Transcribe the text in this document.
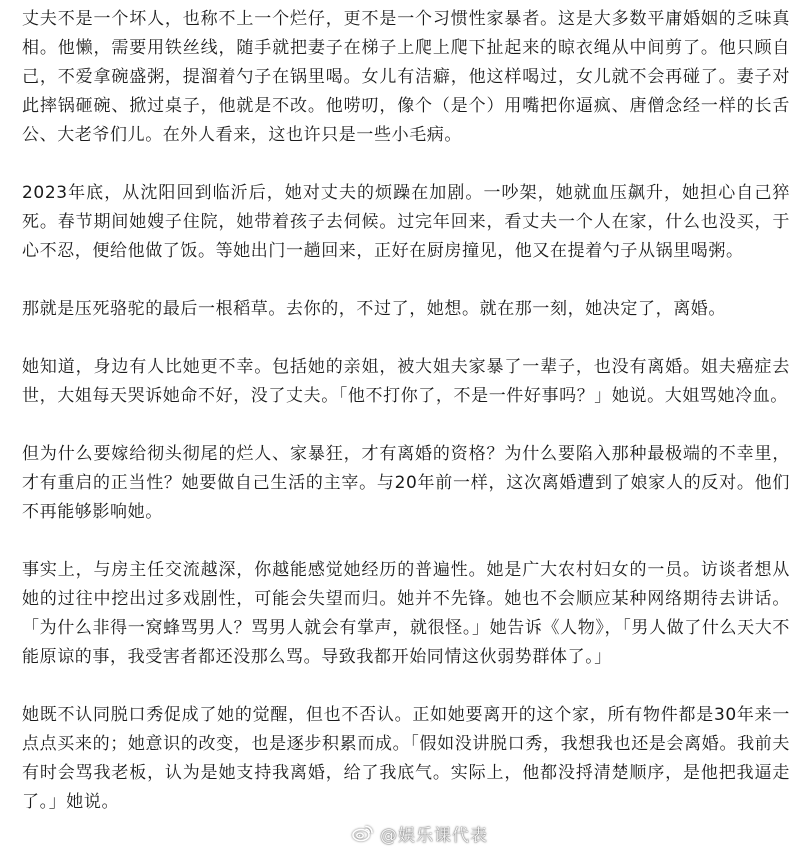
丈夫不是一个坏人，也称不上一个烂仔，更不是一个习惯性家暴者。这是大多数平庸婚姻的乏味真相。他懒，需要用铁丝线，随手就把妻子在梯子上爬上爬下扯起来的晾衣绳从中间剪了。他只顾自己，不爱拿碗盛粥，提溜着勺子在锅里喝。女儿有洁癖，他这样喝过，女儿就不会再碰了。妻子对此摔锅砸碗、掀过桌子，他就是不改。他唠叨，像个（是个）用嘴把你逼疯、唐僧念经一样的长舌公、大老爷们儿。在外人看来，这也许只是一些小毛病。

2023年底，从沈阳回到临沂后，她对丈夫的烦躁在加剧。一吵架，她就血压飙升，她担心自己猝死。春节期间她嫂子住院，她带着孩子去伺候。过完年回来，看丈夫一个人在家，什么也没买，于心不忍，便给他做了饭。等她出门一趟回来，正好在厨房撞见，他又在提着勺子从锅里喝粥。

那就是压死骆驼的最后一根稻草。去你的，不过了，她想。就在那一刻，她决定了，离婚。

她知道，身边有人比她更不幸。包括她的亲姐，被大姐夫家暴了一辈子，也没有离婚。姐夫癌症去世，大姐每天哭诉她命不好，没了丈夫。「他不打你了，不是一件好事吗？」她说。大姐骂她冷血。

但为什么要嫁给彻头彻尾的烂人、家暴狂，才有离婚的资格？为什么要陷入那种最极端的不幸里，才有重启的正当性？她要做自己生活的主宰。与20年前一样，这次离婚遭到了娘家人的反对。他们不再能够影响她。

事实上，与房主任交流越深，你越能感觉她经历的普遍性。她是广大农村妇女的一员。访谈者想从她的过往中挖出过多戏剧性，可能会失望而归。她并不先锋。她也不会顺应某种网络期待去讲话。「为什么非得一窝蜂骂男人？骂男人就会有掌声，就很怪。」她告诉《人物》，「男人做了什么天大不能原谅的事，我受害者都还没那么骂。导致我都开始同情这伙弱势群体了。」

她既不认同脱口秀促成了她的觉醒，但也不否认。正如她要离开的这个家，所有物件都是30年来一点点买来的；她意识的改变，也是逐步积累而成。「假如没讲脱口秀，我想我也还是会离婚。我前夫有时会骂我老板，认为是她支持我离婚，给了我底气。实际上，他都没捋清楚顺序，是他把我逼走了。」她说。

@娱乐课代表
